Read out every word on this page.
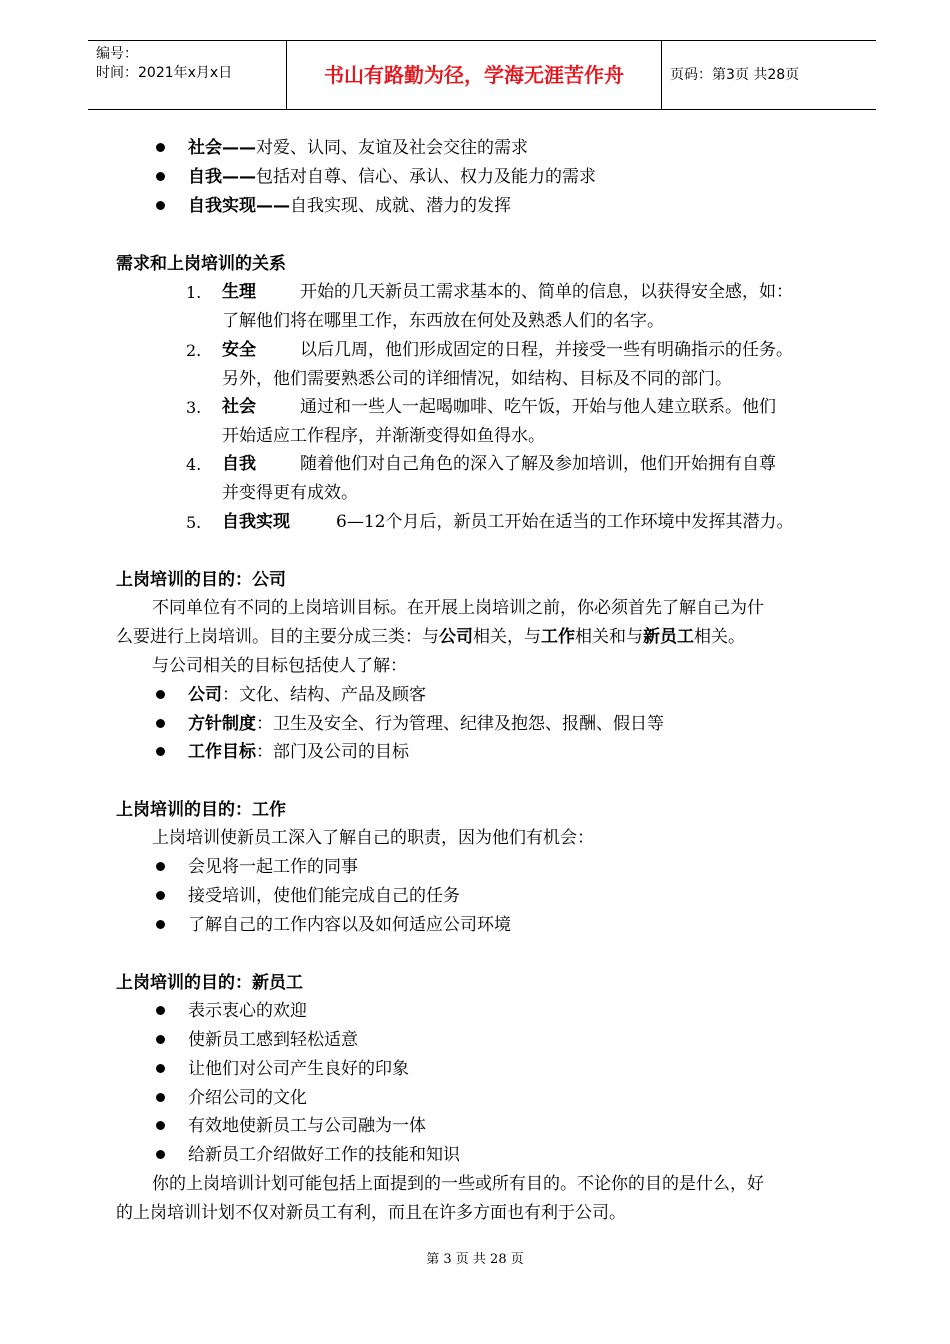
编号：
时间：2021年x月x日	书山有路勤为径，学海无涯苦作舟	页码：第3页 共28页
社会——对爱、认同、友谊及社会交往的需求
自我——包括对自尊、信心、承认、权力及能力的需求
自我实现——自我实现、成就、潜力的发挥
需求和上岗培训的关系
1. 生理	开始的几天新员工需求基本的、简单的信息，以获得安全感，如：
了解他们将在哪里工作，东西放在何处及熟悉人们的名字。
2. 安全	以后几周，他们形成固定的日程，并接受一些有明确指示的任务。
另外，他们需要熟悉公司的详细情况，如结构、目标及不同的部门。
3. 社会	通过和一些人一起喝咖啡、吃午饭，开始与他人建立联系。他们
开始适应工作程序，并渐渐变得如鱼得水。
4. 自我	随着他们对自己角色的深入了解及参加培训，他们开始拥有自尊
并变得更有成效。
5. 自我实现	6—12个月后，新员工开始在适当的工作环境中发挥其潜力。
上岗培训的目的：公司
不同单位有不同的上岗培训目标。在开展上岗培训之前，你必须首先了解自己为什
么要进行上岗培训。目的主要分成三类：与公司相关，与工作相关和与新员工相关。
与公司相关的目标包括使人了解：
公司：文化、结构、产品及顾客
方针制度：卫生及安全、行为管理、纪律及抱怨、报酬、假日等
工作目标：部门及公司的目标
上岗培训的目的：工作
上岗培训使新员工深入了解自己的职责，因为他们有机会：
会见将一起工作的同事
接受培训，使他们能完成自己的任务
了解自己的工作内容以及如何适应公司环境
上岗培训的目的：新员工
表示衷心的欢迎
使新员工感到轻松适意
让他们对公司产生良好的印象
介绍公司的文化
有效地使新员工与公司融为一体
给新员工介绍做好工作的技能和知识
你的上岗培训计划可能包括上面提到的一些或所有目的。不论你的目的是什么，好
的上岗培训计划不仅对新员工有利，而且在许多方面也有利于公司。
第 3 页 共 28 页
